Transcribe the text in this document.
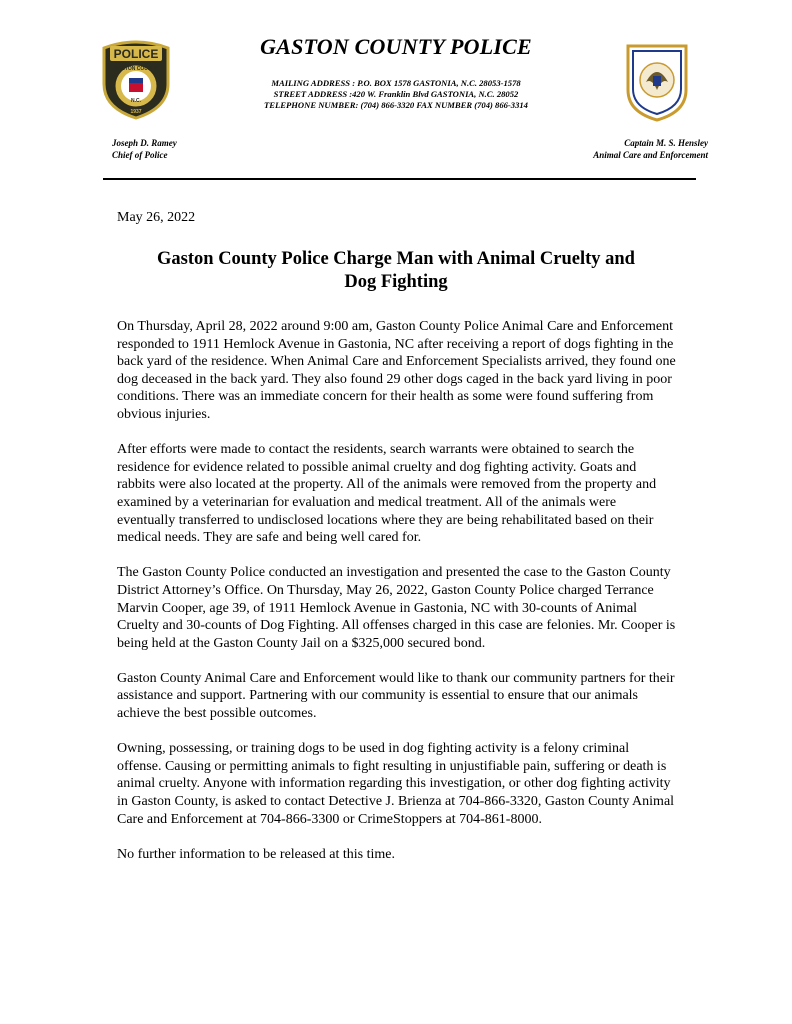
POLICE
GASTON COUNTY
N.C.
1937
GASTON COUNTY POLICE
MAILING ADDRESS : P.O. BOX 1578 GASTONIA, N.C. 28053-1578
STREET ADDRESS :420 W. Franklin Blvd GASTONIA, N.C. 28052
TELEPHONE NUMBER: (704) 866-3320 FAX NUMBER (704) 866-3314
Joseph D. Ramey
Chief of Police
Captain M. S. Hensley
Animal Care and Enforcement
May 26, 2022
Gaston County Police Charge Man with Animal Cruelty and
Dog Fighting

On Thursday, April 28, 2022 around 9:00 am, Gaston County Police Animal Care and Enforcement responded to 1911 Hemlock Avenue in Gastonia, NC after receiving a report of dogs fighting in the back yard of the residence. When Animal Care and Enforcement Specialists arrived, they found one dog deceased in the back yard. They also found 29 other dogs caged in the back yard living in poor conditions. There was an immediate concern for their health as some were found suffering from obvious injuries.

After efforts were made to contact the residents, search warrants were obtained to search the residence for evidence related to possible animal cruelty and dog fighting activity. Goats and rabbits were also located at the property. All of the animals were removed from the property and examined by a veterinarian for evaluation and medical treatment. All of the animals were eventually transferred to undisclosed locations where they are being rehabilitated based on their medical needs. They are safe and being well cared for.

The Gaston County Police conducted an investigation and presented the case to the Gaston County District Attorney’s Office. On Thursday, May 26, 2022, Gaston County Police charged Terrance Marvin Cooper, age 39, of 1911 Hemlock Avenue in Gastonia, NC with 30-counts of Animal Cruelty and 30-counts of Dog Fighting. All offenses charged in this case are felonies. Mr. Cooper is being held at the Gaston County Jail on a $325,000 secured bond.

Gaston County Animal Care and Enforcement would like to thank our community partners for their assistance and support. Partnering with our community is essential to ensure that our animals achieve the best possible outcomes.

Owning, possessing, or training dogs to be used in dog fighting activity is a felony criminal offense. Causing or permitting animals to fight resulting in unjustifiable pain, suffering or death is animal cruelty. Anyone with information regarding this investigation, or other dog fighting activity in Gaston County, is asked to contact Detective J. Brienza at 704-866-3320, Gaston County Animal Care and Enforcement at 704-866-3300 or CrimeStoppers at 704-861-8000.

No further information to be released at this time.
